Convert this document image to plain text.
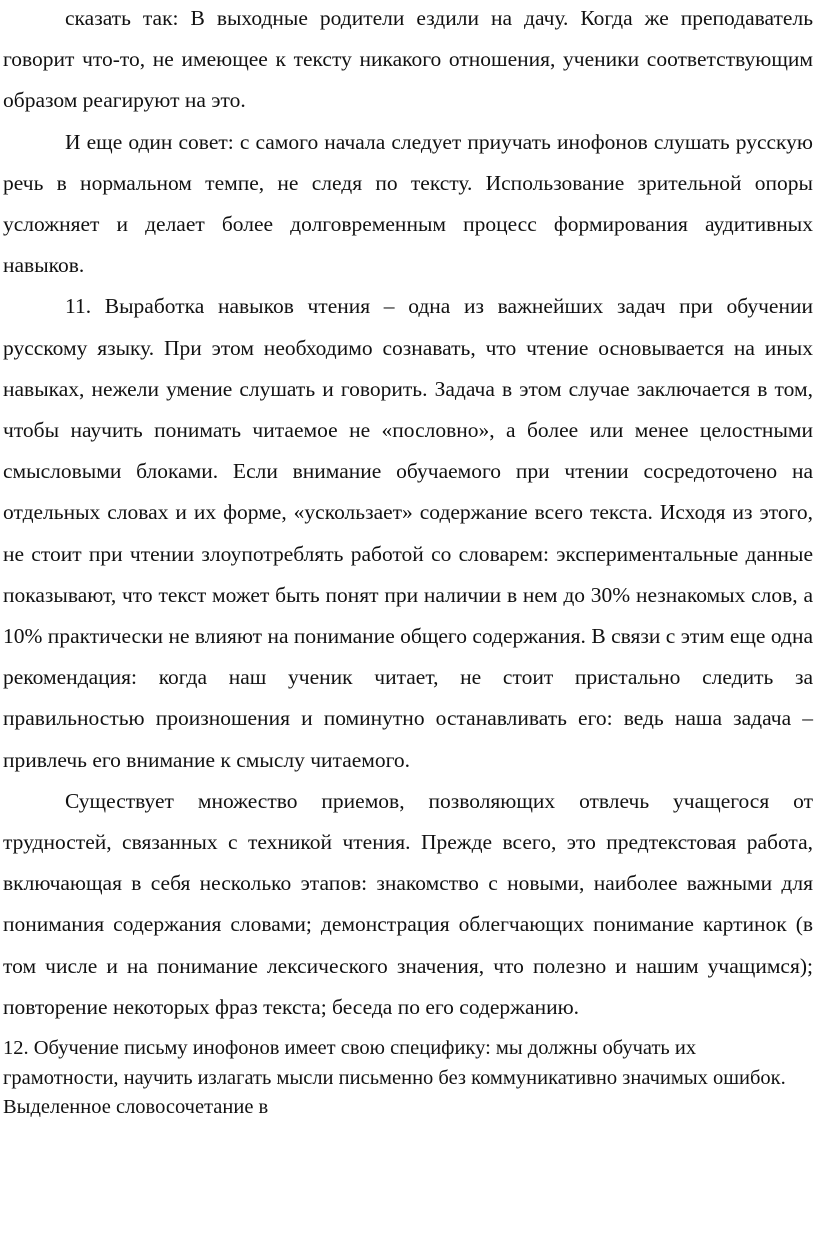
сказать так: В выходные родители ездили на дачу. Когда же преподаватель говорит что-то, не имеющее к тексту никакого отношения, ученики соответствующим образом реагируют на это.

И еще один совет: с самого начала следует приучать инофонов слушать русскую речь в нормальном темпе, не следя по тексту. Использование зрительной опоры усложняет и делает более долговременным процесс формирования аудитивных навыков.

11. Выработка навыков чтения – одна из важнейших задач при обучении русскому языку. При этом необходимо сознавать, что чтение основывается на иных навыках, нежели умение слушать и говорить. Задача в этом случае заключается в том, чтобы научить понимать читаемое не «пословно», а более или менее целостными смысловыми блоками. Если внимание обучаемого при чтении сосредоточено на отдельных словах и их форме, «ускользает» содержание всего текста. Исходя из этого, не стоит при чтении злоупотреблять работой со словарем: экспериментальные данные показывают, что текст может быть понят при наличии в нем до 30% незнакомых слов, а 10% практически не влияют на понимание общего содержания. В связи с этим еще одна рекомендация: когда наш ученик читает, не стоит пристально следить за правильностью произношения и поминутно останавливать его: ведь наша задача – привлечь его внимание к смыслу читаемого.

Существует множество приемов, позволяющих отвлечь учащегося от трудностей, связанных с техникой чтения. Прежде всего, это предтекстовая работа, включающая в себя несколько этапов: знакомство с новыми, наиболее важными для понимания содержания словами; демонстрация облегчающих понимание картинок (в том числе и на понимание лексического значения, что полезно и нашим учащимся); повторение некоторых фраз текста; беседа по его содержанию.

12. Обучение письму инофонов имеет свою специфику: мы должны обучать их грамотности, научить излагать мысли письменно без коммуникативно значимых ошибок. Выделенное словосочетание в
